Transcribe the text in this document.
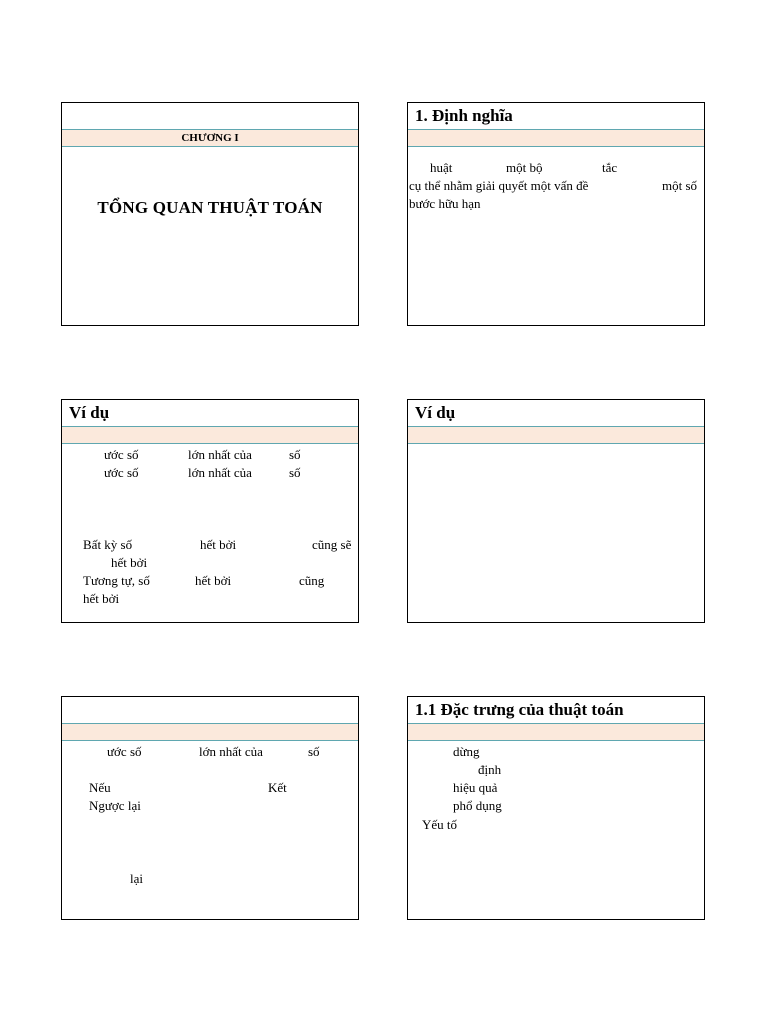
CHƯƠNG I
TỔNG QUAN THUẬT TOÁN
1. Định nghĩa
huật	một bộ	tắc
cụ thể nhằm giải quyết một vấn đề	một số
bước hữu hạn
Ví dụ
ước số	lớn nhất của	số
ước số	lớn nhất của	số
Bất kỳ số	hết bởi	cũng sẽ
hết bởi
Tương tự, số	hết bởi	cũng
hết bởi
Ví dụ
ước số	lớn nhất của	số
Nếu	Kết
Ngược lại
lại
1.1 Đặc trưng của thuật toán
dừng
định
hiệu quả
phổ dụng
Yếu tố
